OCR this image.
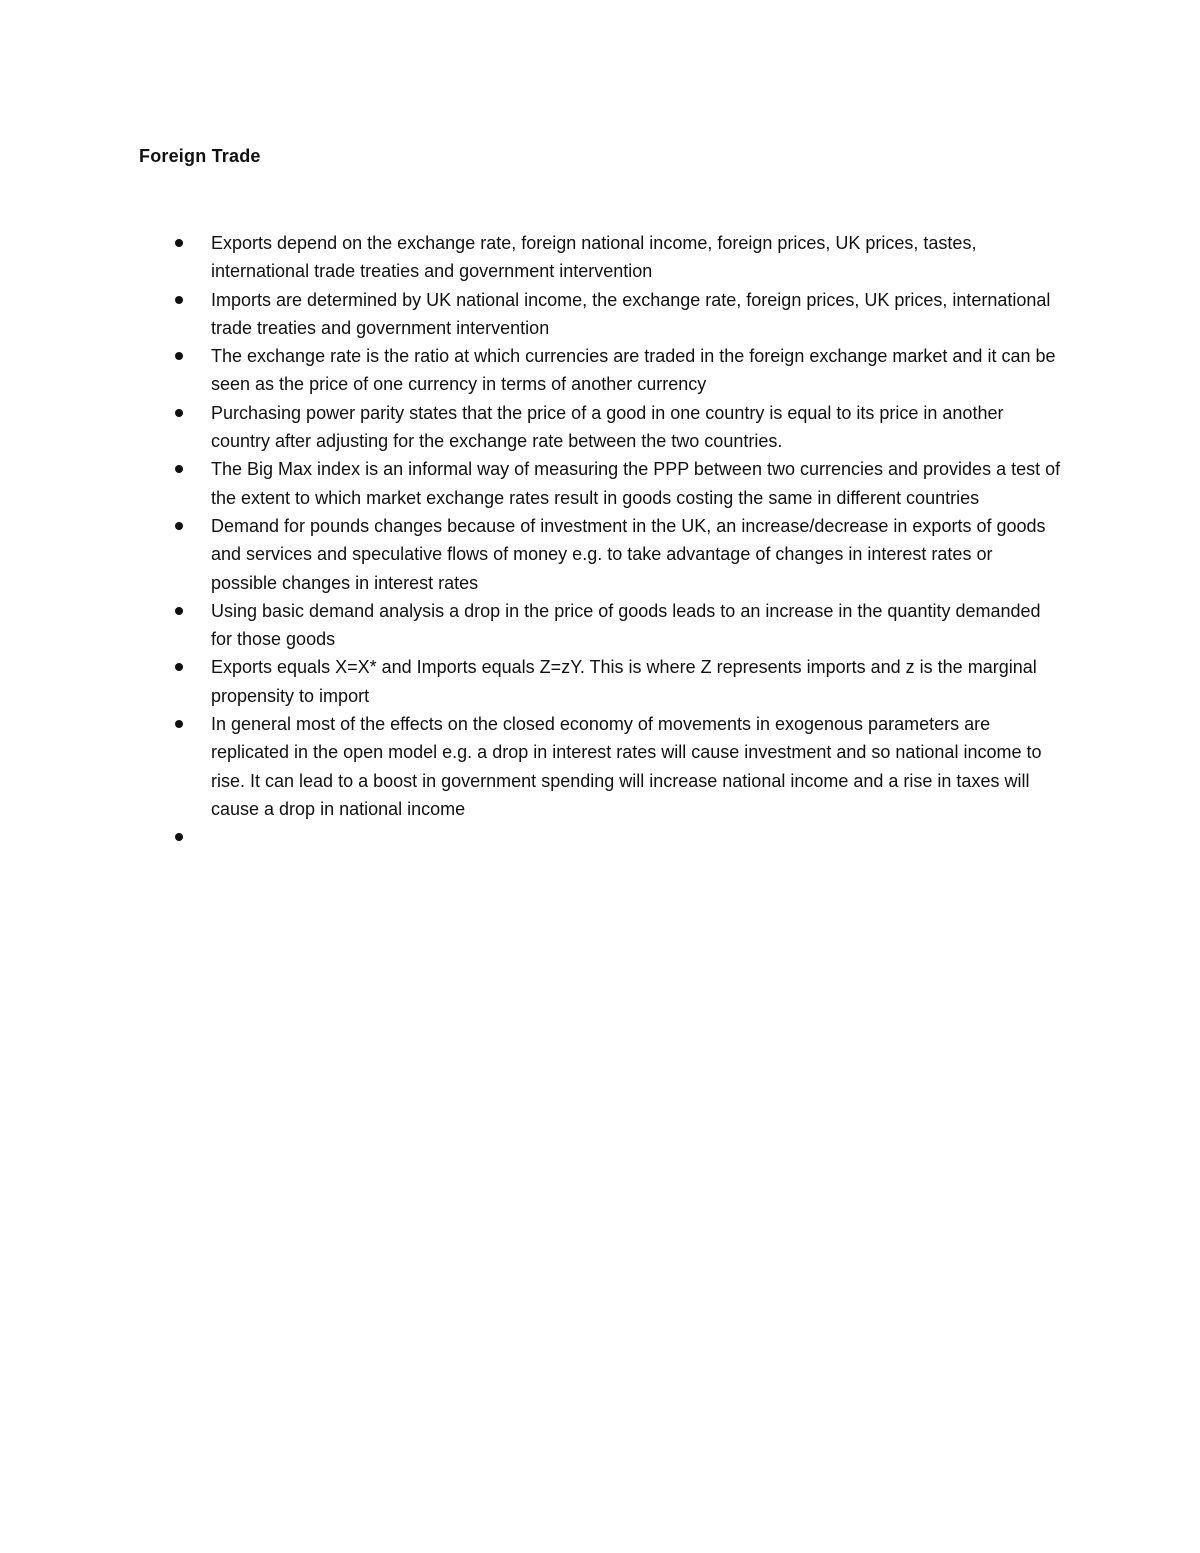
Foreign Trade
Exports depend on the exchange rate, foreign national income, foreign prices, UK prices, tastes, international trade treaties and government intervention
Imports are determined by UK national income, the exchange rate, foreign prices, UK prices, international trade treaties and government intervention
The exchange rate is the ratio at which currencies are traded in the foreign exchange market and it can be seen as the price of one currency in terms of another currency
Purchasing power parity states that the price of a good in one country is equal to its price in another country after adjusting for the exchange rate between the two countries.
The Big Max index is an informal way of measuring the PPP between two currencies and provides a test of the extent to which market exchange rates result in goods costing the same in different countries
Demand for pounds changes because of investment in the UK, an increase/decrease in exports of goods and services and speculative flows of money e.g. to take advantage of changes in interest rates or possible changes in interest rates
Using basic demand analysis a drop in the price of goods leads to an increase in the quantity demanded for those goods
Exports equals X=X* and Imports equals Z=zY. This is where Z represents imports and z is the marginal propensity to import
In general most of the effects on the closed economy of movements in exogenous parameters are replicated in the open model e.g. a drop in interest rates will cause investment and so national income to rise. It can lead to a boost in government spending will increase national income and a rise in taxes will cause a drop in national income
